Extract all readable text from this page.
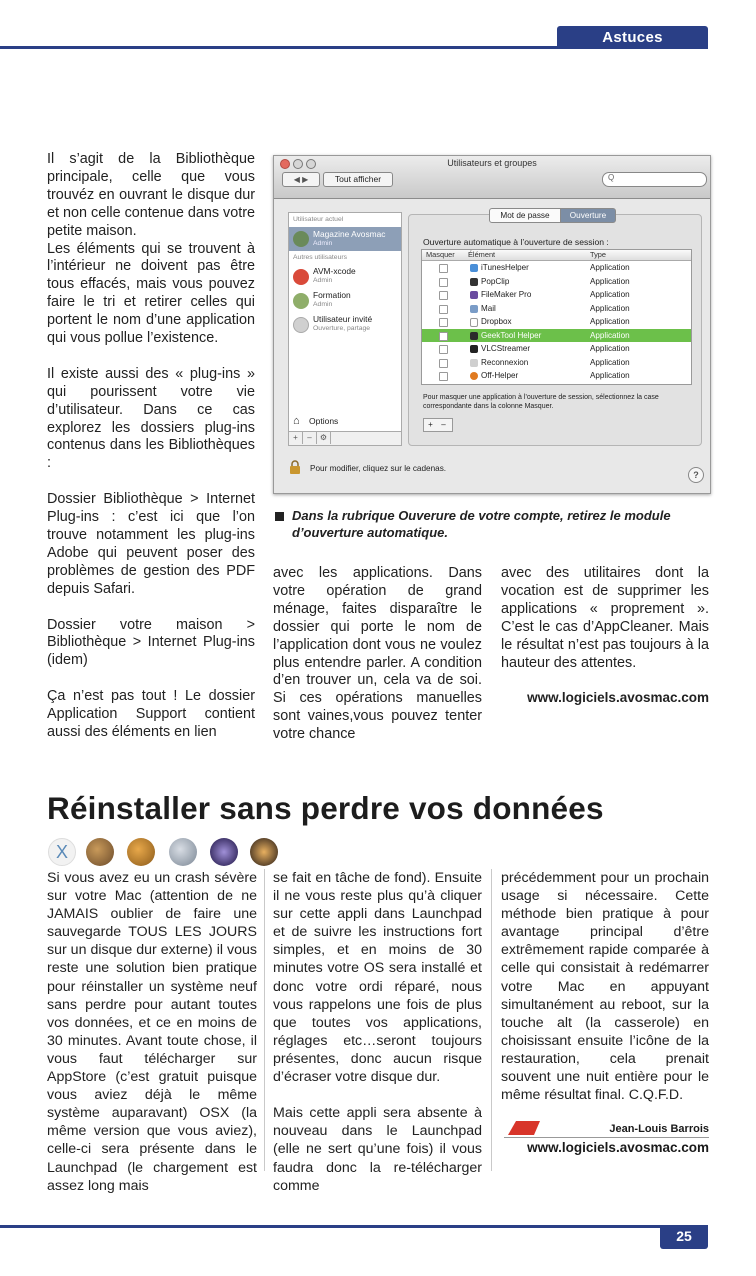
Astuces

Il s’agit de la Bibliothèque principale, celle que vous trouvéz en ouvrant le disque dur et non celle contenue dans votre petite maison.

Les éléments qui se trouvent à l’intérieur ne doivent pas être tous effacés, mais vous pouvez faire le tri et retirer celles qui portent le nom d’une application qui vous pollue l’existence.

Il existe aussi des « plug-ins » qui pourissent votre vie d’utilisateur. Dans ce cas explorez les dossiers plug-ins contenus dans les Bibliothèques :

Dossier Bibliothèque > Internet Plug-ins : c’est ici que l’on trouve notamment les plug-ins Adobe qui peuvent poser des problèmes de gestion des PDF depuis Safari.

Dossier votre maison > Bibliothèque > Internet Plug-ins (idem)

Ça n’est pas tout ! Le dossier Application Support contient aussi des éléments en lien

Utilisateurs et groupes
◀ ▶	Tout afficher	Q
Utilisateur actuel
Magazine Avosmac
Admin
Autres utilisateurs
AVM-xcode
Admin
Formation
Admin
Utilisateur invité
Ouverture, partage
⌂ Options
+ – ⚙
Mot de passe	Ouverture
Ouverture automatique à l’ouverture de session :
Masquer Élément	Type
iTunesHelper	Application
PopClip	Application
FileMaker Pro	Application
Mail	Application
Dropbox	Application
GeekTool Helper	Application
VLCStreamer	Application
Reconnexion	Application
Off-Helper	Application
Pour masquer une application à l’ouverture de session, sélectionnez la case correspondante dans la colonne Masquer.
+ –
Pour modifier, cliquez sur le cadenas.
?
Dans la rubrique Ouverure de votre compte, retirez le module d’ouverture automatique.

avec les applications. Dans votre opération de grand ménage, faites disparaître le dossier qui porte le nom de l’application dont vous ne voulez plus entendre parler. A condition d’en trouver un, cela va de soi. Si ces opérations manuelles sont vaines,vous pouvez tenter votre chance

avec des utilitaires dont la vocation est de supprimer les applications « proprement ». C’est le cas d’AppCleaner. Mais le résultat n’est pas toujours à la hauteur des attentes.

www.logiciels.avosmac.com

Réinstaller sans perdre vos données
X

Si vous avez eu un crash sévère sur votre Mac (attention de ne JAMAIS oublier de faire une sauvegarde TOUS LES JOURS sur un disque dur externe) il vous reste une solution bien pratique pour réinstaller un système neuf sans perdre pour autant toutes vos données, et ce en moins de 30 minutes. Avant toute chose, il vous faut télécharger sur AppStore (c’est gratuit puisque vous aviez déjà le même système auparavant) OSX (la même version que vous aviez), celle-ci sera présente dans le Launchpad (le chargement est assez long mais

se fait en tâche de fond). Ensuite il ne vous reste plus qu’à cliquer sur cette appli dans Launchpad et de suivre les instructions fort simples, et en moins de 30 minutes votre OS sera installé et donc votre ordi réparé, nous vous rappelons une fois de plus que toutes vos applications, réglages etc…seront toujours présentes, donc aucun risque d’écraser votre disque dur.

Mais cette appli sera absente à nouveau dans le Launchpad (elle ne sert qu’une fois) il vous faudra donc la re-télécharger comme

précédemment pour un prochain usage si nécessaire. Cette méthode bien pratique à pour avantage principal d’être extrêmement rapide comparée à celle qui consistait à redémarrer votre Mac en appuyant simultanément au reboot, sur la touche alt (la casserole) en choisissant ensuite l’icône de la restauration, cela prenait souvent une nuit entière pour le même résultat final. C.Q.F.D.

Jean-Louis Barrois
www.logiciels.avosmac.com
25
